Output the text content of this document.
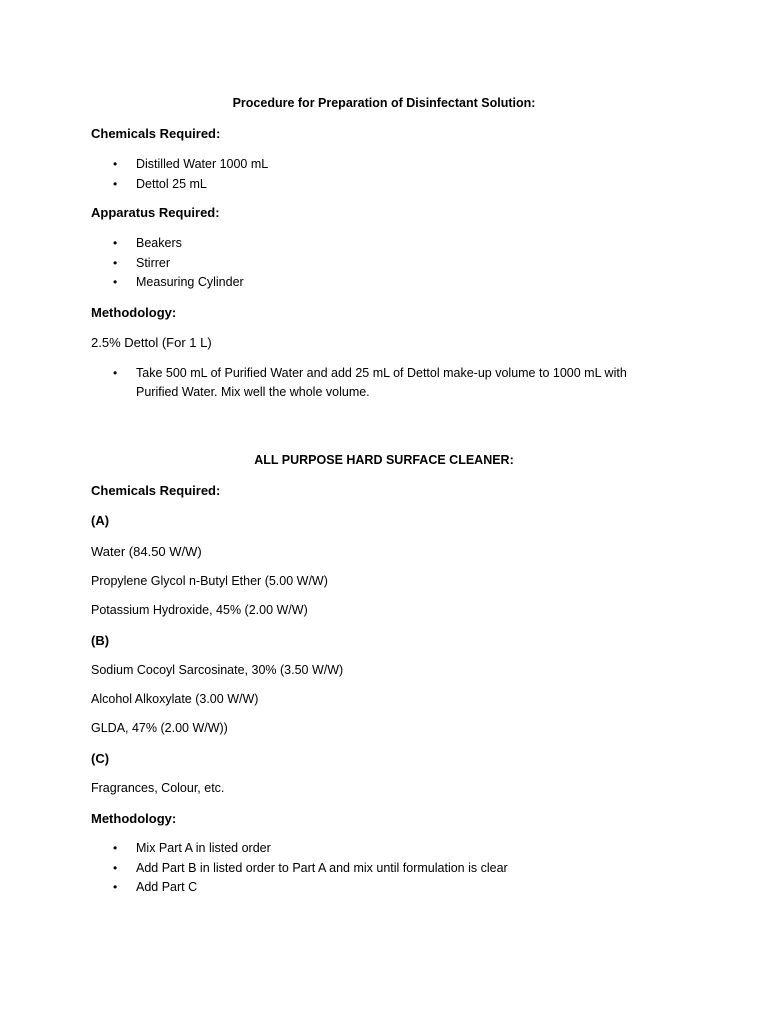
Procedure for Preparation of Disinfectant Solution:
Chemicals Required:
• Distilled Water 1000 mL
• Dettol 25 mL
Apparatus Required:
• Beakers
• Stirrer
• Measuring Cylinder
Methodology:
2.5% Dettol (For 1 L)
• Take 500 mL of Purified Water and add 25 mL of Dettol make-up volume to 1000 mL with Purified Water. Mix well the whole volume.
ALL PURPOSE HARD SURFACE CLEANER:
Chemicals Required:
(A)
Water (84.50 W/W)
Propylene Glycol n-Butyl Ether (5.00 W/W)
Potassium Hydroxide, 45% (2.00 W/W)
(B)
Sodium Cocoyl Sarcosinate, 30% (3.50 W/W)
Alcohol Alkoxylate (3.00 W/W)
GLDA, 47% (2.00 W/W))
(C)
Fragrances, Colour, etc.
Methodology:
• Mix Part A in listed order
• Add Part B in listed order to Part A and mix until formulation is clear
• Add Part C
